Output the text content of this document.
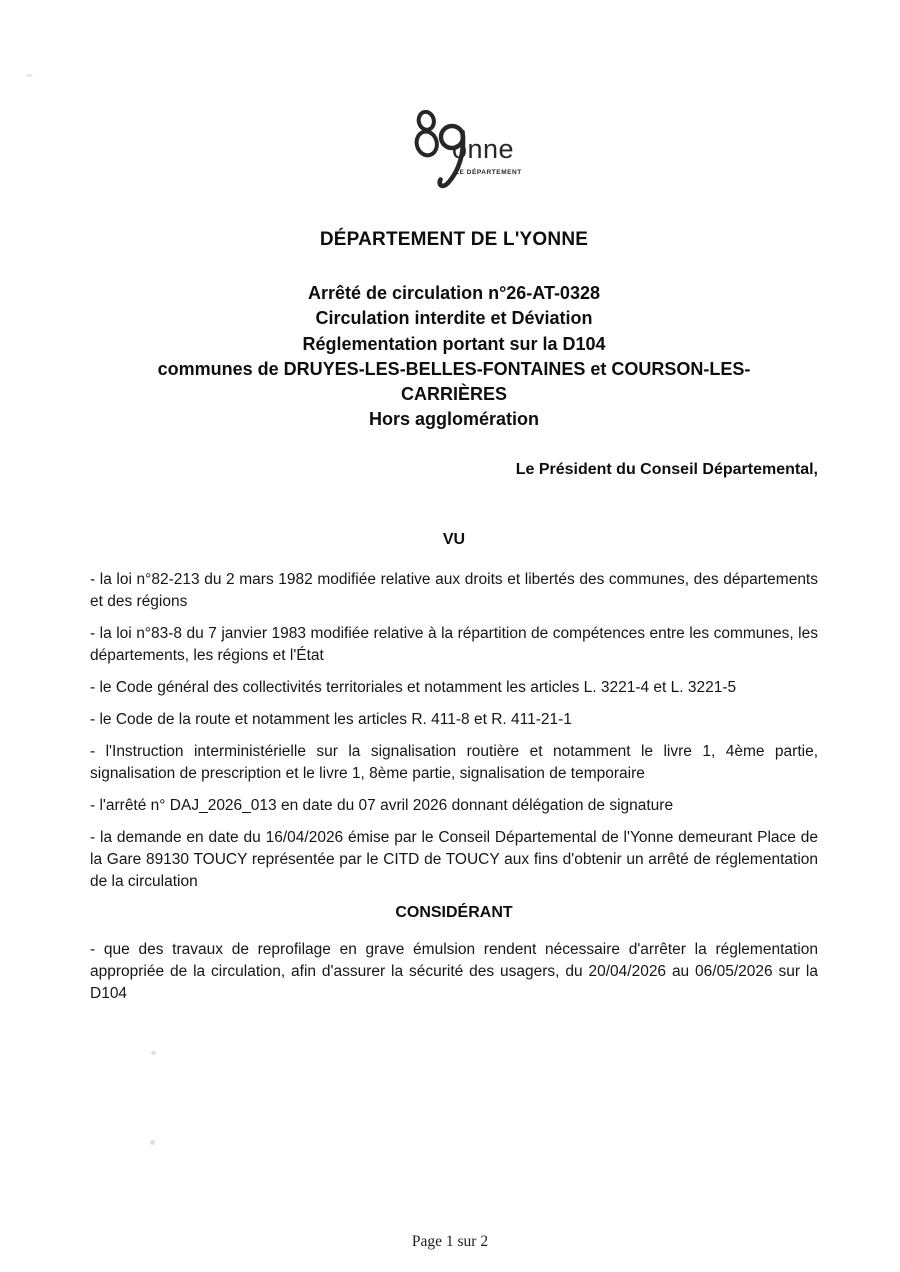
onne
LE DÉPARTEMENT
DÉPARTEMENT DE L'YONNE
Arrêté de circulation n°26-AT-0328
Circulation interdite et Déviation
Réglementation portant sur la D104
communes de DRUYES-LES-BELLES-FONTAINES et COURSON-LES-
CARRIÈRES
Hors agglomération
Le Président du Conseil Départemental,
VU

- la loi n°82-213 du 2 mars 1982 modifiée relative aux droits et libertés des communes, des départements et des régions

- la loi n°83-8 du 7 janvier 1983 modifiée relative à la répartition de compétences entre les communes, les départements, les régions et l'État

- le Code général des collectivités territoriales et notamment les articles L. 3221-4 et L. 3221-5

- le Code de la route et notamment les articles R. 411-8 et R. 411-21-1

- l'Instruction interministérielle sur la signalisation routière et notamment le livre 1, 4ème partie, signalisation de prescription et le livre 1, 8ème partie, signalisation de temporaire

- l'arrêté n° DAJ_2026_013 en date du 07 avril 2026 donnant délégation de signature

- la demande en date du 16/04/2026 émise par le Conseil Départemental de l'Yonne demeurant Place de la Gare 89130 TOUCY représentée par le CITD de TOUCY aux fins d'obtenir un arrêté de réglementation de la circulation

CONSIDÉRANT

- que des travaux de reprofilage en grave émulsion rendent nécessaire d'arrêter la réglementation appropriée de la circulation, afin d'assurer la sécurité des usagers, du 20/04/2026 au 06/05/2026 sur la D104

Page 1 sur 2
